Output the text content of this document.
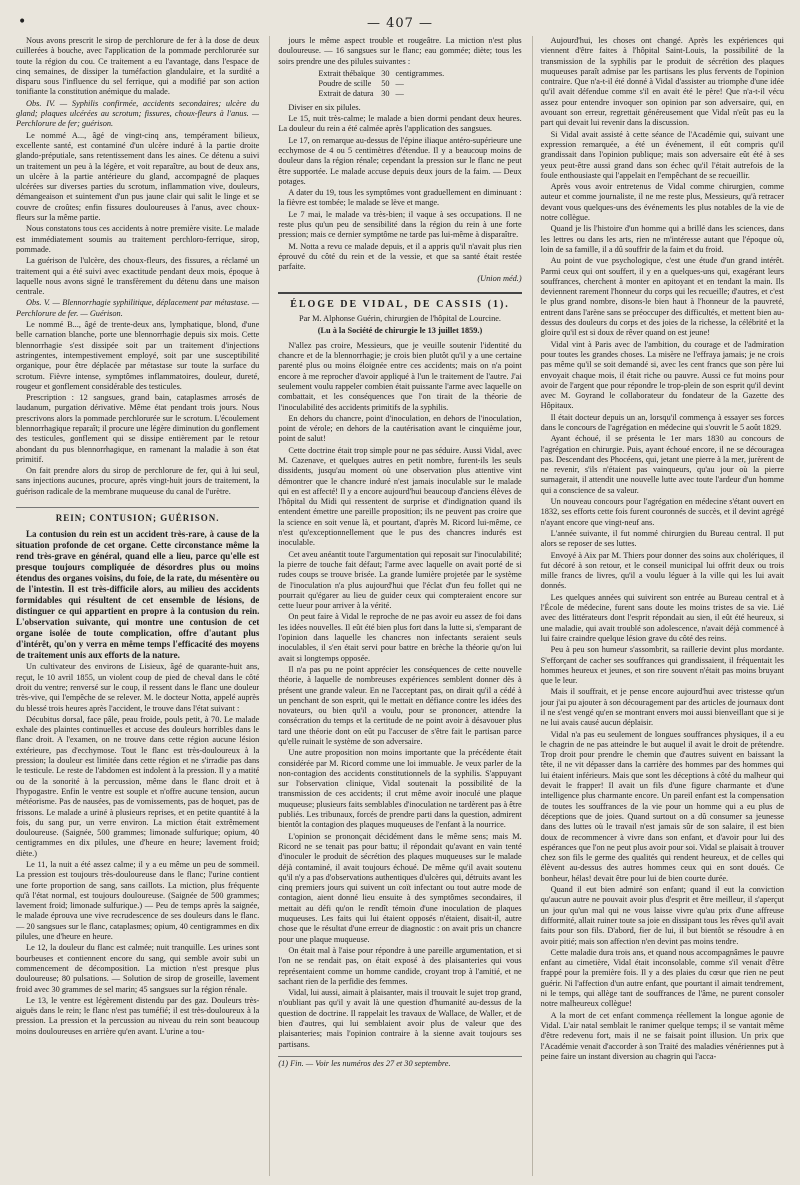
•	— 407 —

Nous avons prescrit le sirop de perchlorure de fer à la dose de deux cuillerées à bouche, avec l'application de la pommade perchlorurée sur toute la région du cou. Ce traitement a eu l'avantage, dans l'espace de cinq semaines, de dissiper la tuméfaction glandulaire, et la surdité a disparu sous l'influence du sel ferrique, qui a modifié par son action tonifiante la constitution anémique du malade.

Obs. IV. — Syphilis confirmée, accidents secondaires; ulcère du gland; plaques ulcérées au scrotum; fissures, choux-fleurs à l'anus. — Perchlorure de fer; guérison.

Le nommé A..., âgé de vingt-cinq ans, tempérament bilieux, excellente santé, est contaminé d'un ulcère induré à la partie droite glando-préputiale, sans retentissement dans les aines. Ce détenu a suivi un traitement un peu à la légère, et voit reparaître, au bout de deux ans, un ulcère à la partie antérieure du gland, accompagné de plaques ulcérées sur diverses parties du scrotum, inflammation vive, douleurs, démangeaison et suintement d'un pus jaune clair qui salit le linge et se couvre de croûtes; enfin fissures douloureuses à l'anus, avec choux-fleurs sur la même partie.

Nous constatons tous ces accidents à notre première visite. Le malade est immédiatement soumis au traitement perchloro-ferrique, sirop, pommade.

La guérison de l'ulcère, des choux-fleurs, des fissures, a réclamé un traitement qui a été suivi avec exactitude pendant deux mois, époque à laquelle nous avons signé le transfèrement du détenu dans une maison centrale.

Obs. V. — Blennorrhagie syphilitique, déplacement par métastase. — Perchlorure de fer. — Guérison.

Le nommé B..., âgé de trente-deux ans, lymphatique, blond, d'une belle carnation blanche, porte une blennorrhagie depuis six mois. Cette blennorrhagie s'est dissipée soit par un traitement d'injections astringentes, intempestivement employé, soit par une susceptibilité organique, pour être déplacée par métastase sur toute la surface du scrotum. Fièvre intense, symptômes inflammatoires, douleur, dureté, rougeur et gonflement considérable des testicules.

Prescription : 12 sangsues, grand bain, cataplasmes arrosés de laudanum, purgation dérivative. Même état pendant trois jours. Nous prescrivons alors la pommade perchlorurée sur le scrotum. L'écoulement blennorrhagique reparaît; il procure une légère diminution du gonflement des testicules, gonflement qui se dissipe entièrement par le retour abondant du pus blennorrhagique, en ramenant la maladie à son état primitif.

On fait prendre alors du sirop de perchlorure de fer, qui à lui seul, sans injections aucunes, procure, après vingt-huit jours de traitement, la guérison radicale de la membrane muqueuse du canal de l'urètre.

REIN; CONTUSION; GUÉRISON.

La contusion du rein est un accident très-rare, à cause de la situation profonde de cet organe. Cette circonstance même la rend très-grave en général, quand elle a lieu, parce qu'elle est presque toujours compliquée de désordres plus ou moins étendus des organes voisins, du foie, de la rate, du mésentère ou de l'intestin. Il est très-difficile alors, au milieu des accidents formidables qui résultent de cet ensemble de lésions, de distinguer ce qui appartient en propre à la contusion du rein. L'observation suivante, qui montre une contusion de cet organe isolée de toute complication, offre d'autant plus d'intérêt, qu'on y verra en même temps l'efficacité des moyens de traitement unis aux efforts de la nature.

Un cultivateur des environs de Lisieux, âgé de quarante-huit ans, reçut, le 10 avril 1855, un violent coup de pied de cheval dans le côté droit du ventre; renversé sur le coup, il ressent dans le flanc une douleur très-vive, qui l'empêche de se relever. M. le docteur Notta, appelé auprès du blessé trois heures après l'accident, le trouve dans l'état suivant :

Décubitus dorsal, face pâle, peau froide, pouls petit, à 70. Le malade exhale des plaintes continuelles et accuse des douleurs horribles dans le flanc droit. A l'examen, on ne trouve dans cette région aucune lésion extérieure, pas d'ecchymose. Tout le flanc est très-douloureux à la pression; la douleur est limitée dans cette région et ne s'irradie pas dans le testicule. Le reste de l'abdomen est indolent à la pression. Il y a matité ou de la sonorité à la percussion, même dans le flanc droit et à l'hypogastre. Enfin le ventre est souple et n'offre aucune tension, aucun météorisme. Pas de nausées, pas de vomissements, pas de hoquet, pas de frissons. Le malade a uriné à plusieurs reprises, et en petite quantité à la fois, du sang pur, un verre environ. La miction était extrêmement douloureuse. (Saignée, 500 grammes; limonade sulfurique; opium, 40 centigrammes en dix pilules, une d'heure en heure; lavement froid; diète.)

Le 11, la nuit a été assez calme; il y a eu même un peu de sommeil. La pression est toujours très-douloureuse dans le flanc; l'urine contient une forte proportion de sang, sans caillots. La miction, plus fréquente qu'à l'état normal, est toujours douloureuse. (Saignée de 500 grammes; lavement froid; limonade sulfurique.) — Peu de temps après la saignée, le malade éprouva une vive recrudescence de ses douleurs dans le flanc. — 20 sangsues sur le flanc, cataplasmes; opium, 40 centigrammes en dix pilules, une d'heure en heure.

Le 12, la douleur du flanc est calmée; nuit tranquille. Les urines sont bourbeuses et contiennent encore du sang, qui semble avoir subi un commencement de décomposition. La miction n'est presque plus douloureuse; 80 pulsations. — Solution de sirop de groseille, lavement froid avec 30 grammes de sel marin; 45 sangsues sur la région rénale.

Le 13, le ventre est légèrement distendu par des gaz. Douleurs très-aiguës dans le rein; le flanc n'est pas tuméfié; il est très-douloureux à la pression. La pression et la percussion au niveau du rein sont beaucoup moins douloureuses en arrière qu'en avant. L'urine a tou-

jours le même aspect trouble et rougeâtre. La miction n'est plus douloureuse. — 16 sangsues sur le flanc; eau gommée; diète; tous les soirs prendre une des pilules suivantes :

Extrait thébaïque	30	centigrammes.
Poudre de scille	50	—
Extrait de datura	30	—

Diviser en six pilules.

Le 15, nuit très-calme; le malade a bien dormi pendant deux heures. La douleur du rein a été calmée après l'application des sangsues.

Le 17, on remarque au-dessus de l'épine iliaque antéro-supérieure une ecchymose de 4 ou 5 centimètres d'étendue. Il y a beaucoup moins de douleur dans la région rénale; cependant la pression sur le flanc ne peut être supportée. Le malade accuse depuis deux jours de la faim. — Deux potages.

A dater du 19, tous les symptômes vont graduellement en diminuant : la fièvre est tombée; le malade se lève et mange.

Le 7 mai, le malade va très-bien; il vaque à ses occupations. Il ne reste plus qu'un peu de sensibilité dans la région du rein à une forte pression; mais ce dernier symptôme ne tarde pas lui-même à disparaître.

M. Notta a revu ce malade depuis, et il a appris qu'il n'avait plus rien éprouvé du côté du rein et de la vessie, et que sa santé était restée parfaite.

(Union méd.)
ÉLOGE DE VIDAL, DE CASSIS (1).
Par M. Alphonse Guérin, chirurgien de l'hôpital de Lourcine.
(Lu à la Société de chirurgie le 13 juillet 1859.)

N'allez pas croire, Messieurs, que je veuille soutenir l'identité du chancre et de la blennorrhagie; je crois bien plutôt qu'il y a une certaine parenté plus ou moins éloignée entre ces accidents; mais on n'a point encore à me reprocher d'avoir appliqué à l'un le traitement de l'autre. J'ai seulement voulu rappeler combien était puissante l'arme avec laquelle on combattait, et les conséquences que l'on tirait de la théorie de l'inoculabilité des accidents primitifs de la syphilis.

En dehors du chancre, point d'inoculation, en dehors de l'inoculation, point de vérole; en dehors de la cautérisation avant le cinquième jour, point de salut!

Cette doctrine était trop simple pour ne pas séduire. Aussi Vidal, avec M. Cazenave, et quelques autres en petit nombre, furent-ils les seuls dissidents, jusqu'au moment où une observation plus attentive vint démontrer que le chancre induré n'est jamais inoculable sur le malade qui en est affecté! Il y a encore aujourd'hui beaucoup d'anciens élèves de l'hôpital du Midi qui ressentent de surprise et d'indignation quand ils entendent émettre une pareille proposition; ils ne peuvent pas croire que la science en soit venue là, et pourtant, d'après M. Ricord lui-même, ce n'est qu'exceptionnellement que le pus des chancres indurés est inoculable.

Cet aveu anéantit toute l'argumentation qui reposait sur l'inoculabilité; la pierre de touche fait défaut; l'arme avec laquelle on avait porté de si rudes coups se trouve brisée. La grande lumière projetée par le système de l'inoculation n'a plus aujourd'hui que l'éclat d'un feu follet qui ne pourrait qu'égarer au lieu de guider ceux qui compteraient encore sur cette lueur pour arriver à la vérité.

On peut faire à Vidal le reproche de ne pas avoir eu assez de foi dans les idées nouvelles. Il eût été bien plus fort dans la lutte si, s'emparant de l'opinion dans laquelle les chancres non infectants seraient seuls inoculables, il s'en était servi pour battre en brèche la théorie qu'on lui avait si longtemps opposée.

Il n'a pas pu ne point apprécier les conséquences de cette nouvelle théorie, à laquelle de nombreuses expériences semblent donner dès à présent une grande valeur. En ne l'acceptant pas, on dirait qu'il a cédé à un penchant de son esprit, qui le mettait en défiance contre les idées des novateurs, ou bien qu'il a voulu, pour se prononcer, attendre la consécration du temps et la certitude de ne point avoir à désavouer plus tard une théorie dont on eût pu l'accuser de s'être fait le partisan parce qu'elle ruinait le système de son adversaire.

Une autre proposition non moins importante que la précédente était considérée par M. Ricord comme une loi immuable. Je veux parler de la non-contagion des accidents constitutionnels de la syphilis. S'appuyant sur l'observation clinique, Vidal soutenait la possibilité de la transmission de ces accidents; il crut même avoir inoculé une plaque muqueuse; plusieurs faits semblables d'inoculation ne tardèrent pas à être publiés. Les tribunaux, forcés de prendre parti dans la question, admirent bientôt la contagion des plaques muqueuses de l'enfant à la nourrice.

L'opinion se prononçait décidément dans le même sens; mais M. Ricord ne se tenait pas pour battu; il répondait qu'avant en vain tenté d'inoculer le produit de sécrétion des plaques muqueuses sur le malade déjà contaminé, il avait toujours échoué. De même qu'il avait soutenu qu'il n'y a pas d'observations authentiques d'ulcères qui, détruits avant les cinq premiers jours qui suivent un coït infectant ou tout autre mode de contagion, aient donné lieu ensuite à des symptômes secondaires, il mettait au défi qu'on le rendît témoin d'une inoculation de plaques muqueuses. Les faits qui lui étaient opposés n'étaient, disait-il, autre chose que le résultat d'une erreur de diagnostic : on avait pris un chancre pour une plaque muqueuse.

On était mal à l'aise pour répondre à une pareille argumentation, et si l'on ne se rendait pas, on était exposé à des plaisanteries qui vous représentaient comme un homme candide, croyant trop à l'amitié, et ne sachant rien de la perfidie des femmes.

Vidal, lui aussi, aimait à plaisanter, mais il trouvait le sujet trop grand, n'oubliant pas qu'il y avait là une question d'humanité au-dessus de la question de doctrine. Il rappelait les travaux de Wallace, de Waller, et de bien d'autres, qui lui semblaient avoir plus de valeur que des plaisanteries; mais l'opinion contraire à la sienne avait toujours ses partisans.

(1) Fin. — Voir les numéros des 27 et 30 septembre.

Aujourd'hui, les choses ont changé. Après les expériences qui viennent d'être faites à l'hôpital Saint-Louis, la possibilité de la transmission de la syphilis par le produit de sécrétion des plaques muqueuses paraît admise par les partisans les plus fervents de l'opinion contraire. Que n'a-t-il été donné à Vidal d'assister au triomphe d'une idée qu'il avait défendue comme s'il en avait été le père! Que n'a-t-il vécu assez pour entendre invoquer son opinion par son adversaire, qui, en avouant son erreur, regrettait généreusement que Vidal n'eût pas eu la part qui devait lui revenir dans la discussion.

Si Vidal avait assisté à cette séance de l'Académie qui, suivant une expression remarquée, a été un événement, il eût compris qu'il grandissait dans l'opinion publique; mais son adversaire eût été à ses yeux peut-être aussi grand dans son échec qu'il l'était autrefois de la foule enthousiaste qui l'appelait en l'empêchant de se recueillir.

Après vous avoir entretenus de Vidal comme chirurgien, comme auteur et comme journaliste, il ne me reste plus, Messieurs, qu'à retracer devant vous quelques-uns des événements les plus notables de la vie de notre collègue.

Quand je lis l'histoire d'un homme qui a brillé dans les sciences, dans les lettres ou dans les arts, rien ne m'intéresse autant que l'époque où, loin de sa famille, il a dû souffrir de la faim et du froid.

Au point de vue psychologique, c'est une étude d'un grand intérêt. Parmi ceux qui ont souffert, il y en a quelques-uns qui, exagérant leurs souffrances, cherchent à monter en apitoyant et en tendant la main. Ils deviennent rarement l'honneur du corps qui les recueille; d'autres, et c'est le plus grand nombre, disons-le bien haut à l'honneur de la pauvreté, entrent dans l'arène sans se préoccuper des difficultés, et mettent bien au-dessus des douleurs du corps et des joies de la richesse, la célébrité et la gloire qu'il est si doux de rêver quand on est jeune!

Vidal vint à Paris avec de l'ambition, du courage et de l'admiration pour toutes les grandes choses. La misère ne l'effraya jamais; je ne crois pas même qu'il se soit demandé si, avec les cent francs que son père lui envoyait chaque mois, il était riche ou pauvre. Aussi ce fut moins pour avoir de l'argent que pour répondre le trop-plein de son esprit qu'il devint avec M. Goyrand le collaborateur du fondateur de la Gazette des Hôpitaux.

Il était docteur depuis un an, lorsqu'il commença à essayer ses forces dans le concours de l'agrégation en médecine qui s'ouvrit le 5 août 1829.

Ayant échoué, il se présenta le 1er mars 1830 au concours de l'agrégation en chirurgie. Puis, ayant échoué encore, il ne se découragea pas. Descendant des Phocéens, qui, jetant une pierre à la mer, jurèrent de ne revenir, s'ils n'étaient pas vainqueurs, qu'au jour où la pierre surnagerait, il attendit une nouvelle lutte avec toute l'ardeur d'un homme qui a conscience de sa valeur.

Un nouveau concours pour l'agrégation en médecine s'étant ouvert en 1832, ses efforts cette fois furent couronnés de succès, et il devint agrégé n'ayant encore que vingt-neuf ans.

L'année suivante, il fut nommé chirurgien du Bureau central. Il put alors se reposer de ses luttes.

Envoyé à Aix par M. Thiers pour donner des soins aux cholériques, il fut décoré à son retour, et le conseil municipal lui offrit deux ou trois mille francs de livres, qu'il a voulu léguer à la ville qui les lui avait donnés.

Les quelques années qui suivirent son entrée au Bureau central et à l'École de médecine, furent sans doute les moins tristes de sa vie. Lié avec des littérateurs dont l'esprit répondait au sien, il eût été heureux, si une maladie, qui avait troublé son adolescence, n'avait déjà commencé à lui faire craindre quelque lésion grave du côté des reins.

Peu à peu son humeur s'assombrit, sa raillerie devint plus mordante. S'efforçant de cacher ses souffrances qui grandissaient, il fréquentait les hommes heureux et jeunes, et son rire souvent n'était pas moins bruyant que le leur.

Mais il souffrait, et je pense encore aujourd'hui avec tristesse qu'un jour j'ai pu ajouter à son découragement par des articles de journaux dont il ne s'est vengé qu'en se montrant envers moi aussi bienveillant que si je ne lui avais causé aucun déplaisir.

Vidal n'a pas eu seulement de longues souffrances physiques, il a eu le chagrin de ne pas atteindre le but auquel il avait le droit de prétendre. Trop droit pour prendre le chemin que d'autres suivent en baissant la tête, il ne vit dépasser dans la carrière des hommes par des hommes qui lui étaient inférieurs. Mais que sont les déceptions à côté du malheur qui devait le frapper! Il avait un fils d'une figure charmante et d'une intelligence plus charmante encore. Un pareil enfant est la compensation de toutes les souffrances de la vie pour un homme qui a eu plus de déceptions que de joies. Quand surtout on a dû consumer sa jeunesse dans des luttes où le travail n'est jamais sûr de son salaire, il est bien doux de recommencer à vivre dans son enfant, et d'avoir pour lui des espérances que l'on ne peut plus avoir pour soi. Vidal se plaisait à trouver chez son fils le germe des qualités qui rendent heureux, et de celles qui élèvent au-dessus des autres hommes ceux qui en sont doués. Ce bonheur, hélas! devait être pour lui de bien courte durée.

Quand il eut bien admiré son enfant; quand il eut la conviction qu'aucun autre ne pouvait avoir plus d'esprit et être meilleur, il s'aperçut un jour qu'un mal qui ne vous laisse vivre qu'au prix d'une affreuse difformité, allait ruiner toute sa joie en dissipant tous les rêves qu'il avait faits pour son fils. D'abord, fier de lui, il but bientôt se résoudre à en avoir pitié; mais son affection n'en devint pas moins tendre.

Cette maladie dura trois ans, et quand nous accompagnâmes le pauvre enfant au cimetière, Vidal était inconsolable, comme s'il venait d'être frappé pour la première fois. Il y a des plaies du cœur que rien ne peut guérir. Ni l'affection d'un autre enfant, que pourtant il aimait tendrement, ni le temps, qui allège tant de souffrances de l'âme, ne purent consoler notre malheureux collègue!

A la mort de cet enfant commença réellement la longue agonie de Vidal. L'air natal semblait le ranimer quelque temps; il se vantait même d'être redevenu fort, mais il ne se faisait point illusion. Un prix que l'Académie venait d'accorder à son Traité des maladies vénériennes put à peine faire un instant diversion au chagrin qui l'acca-
